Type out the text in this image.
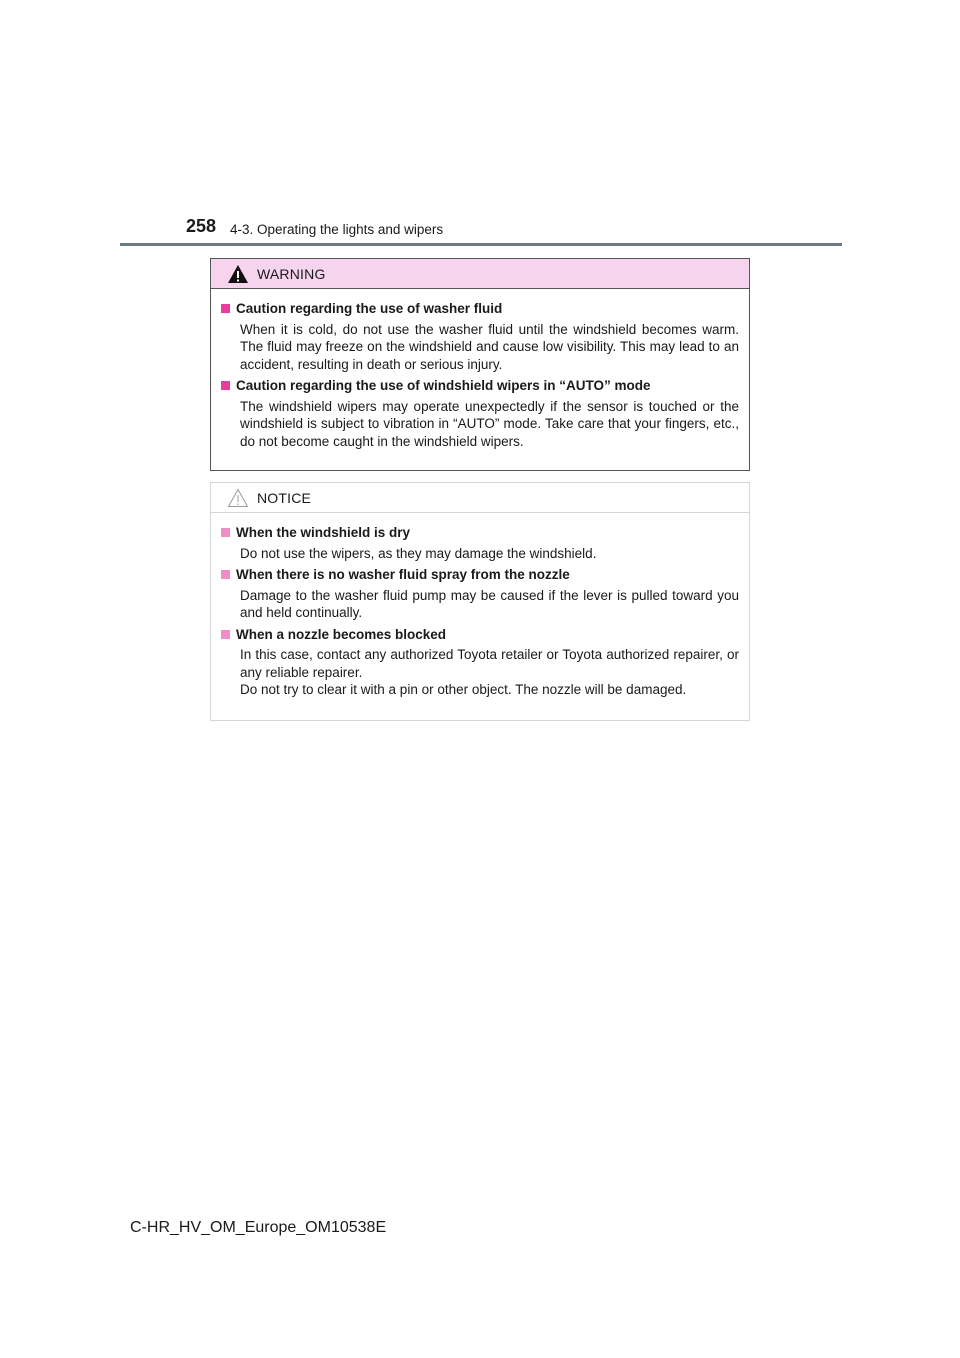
258 4-3. Operating the lights and wipers
WARNING
Caution regarding the use of washer fluid
When it is cold, do not use the washer fluid until the windshield becomes warm. The fluid may freeze on the windshield and cause low visibility. This may lead to an accident, resulting in death or serious injury.
Caution regarding the use of windshield wipers in “AUTO” mode
The windshield wipers may operate unexpectedly if the sensor is touched or the windshield is subject to vibration in “AUTO” mode. Take care that your fingers, etc., do not become caught in the windshield wipers.
NOTICE
When the windshield is dry
Do not use the wipers, as they may damage the windshield.
When there is no washer fluid spray from the nozzle
Damage to the washer fluid pump may be caused if the lever is pulled toward you and held continually.
When a nozzle becomes blocked

In this case, contact any authorized Toyota retailer or Toyota authorized repairer, or any reliable repairer.

Do not try to clear it with a pin or other object. The nozzle will be damaged.

C-HR_HV_OM_Europe_OM10538E
